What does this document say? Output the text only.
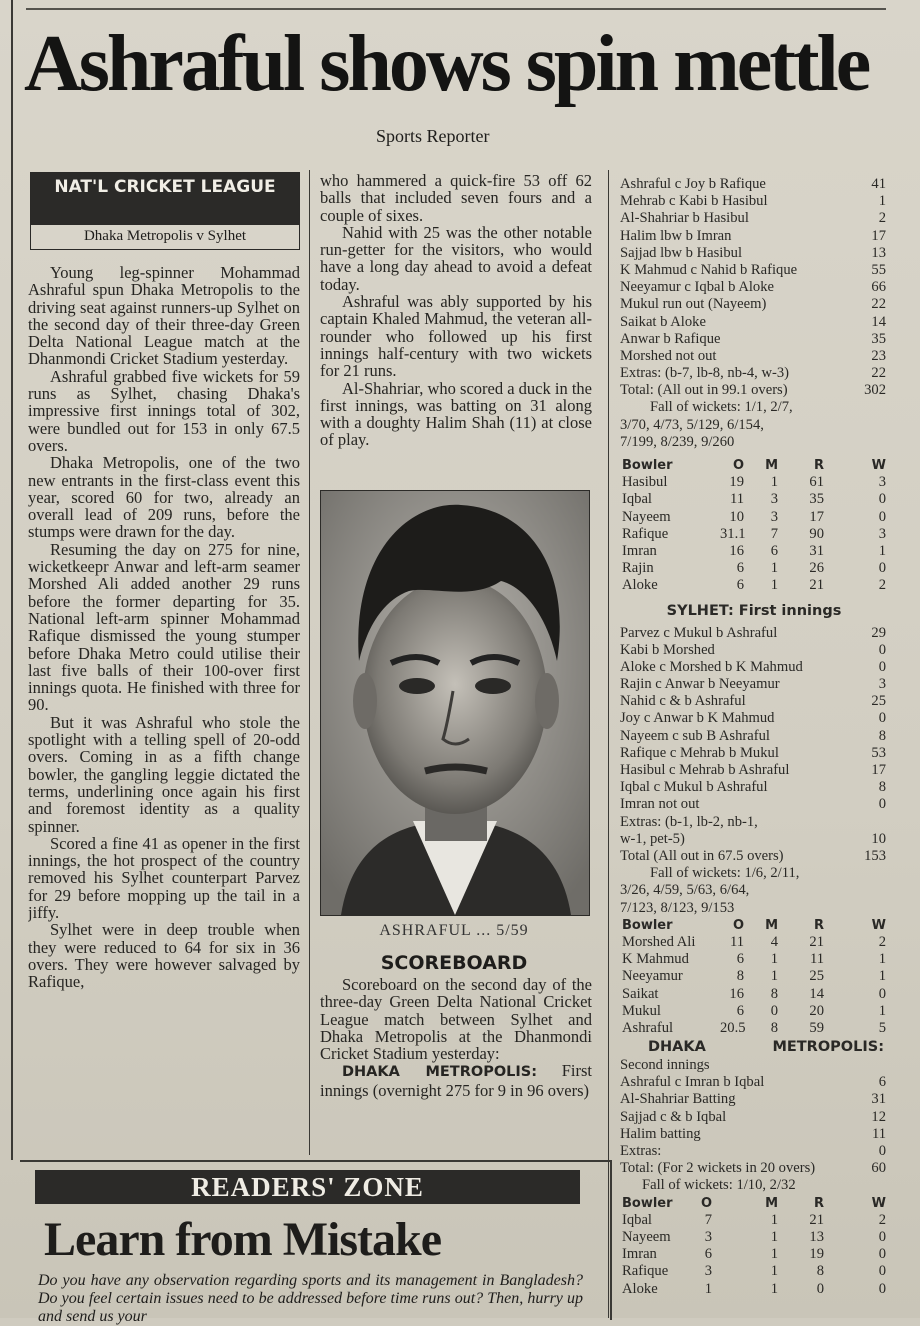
Ashraful shows spin mettle
Sports Reporter
NAT'L CRICKET LEAGUE
Dhaka Metropolis v Sylhet

Young leg-spinner Mohammad Ashraful spun Dhaka Metropolis to the driving seat against runners-up Sylhet on the second day of their three-day Green Delta National League match at the Dhanmondi Cricket Stadium yesterday.

Ashraful grabbed five wickets for 59 runs as Sylhet, chasing Dhaka's impressive first innings total of 302, were bundled out for 153 in only 67.5 overs.

Dhaka Metropolis, one of the two new entrants in the first-class event this year, scored 60 for two, already an overall lead of 209 runs, before the stumps were drawn for the day.

Resuming the day on 275 for nine, wicketkeepr Anwar and left-arm seamer Morshed Ali added another 29 runs before the former departing for 35. National left-arm spinner Mohammad Rafique dismissed the young stumper before Dhaka Metro could utilise their last five balls of their 100-over first innings quota. He finished with three for 90.

But it was Ashraful who stole the spotlight with a telling spell of 20-odd overs. Coming in as a fifth change bowler, the gangling leggie dictated the terms, underlining once again his first and foremost identity as a quality spinner.

Scored a fine 41 as opener in the first innings, the hot prospect of the country removed his Sylhet counterpart Parvez for 29 before mopping up the tail in a jiffy.

Sylhet were in deep trouble when they were reduced to 64 for six in 36 overs. They were however salvaged by Rafique,

who hammered a quick-fire 53 off 62 balls that included seven fours and a couple of sixes.

Nahid with 25 was the other notable run-getter for the visitors, who would have a long day ahead to avoid a defeat today.

Ashraful was ably supported by his captain Khaled Mahmud, the veteran all-rounder who followed up his first innings half-century with two wickets for 21 runs.

Al-Shahriar, who scored a duck in the first innings, was batting on 31 along with a doughty Halim Shah (11) at close of play.

ASHRAFUL ... 5/59
SCOREBOARD

Scoreboard on the second day of the three-day Green Delta National Cricket League match between Sylhet and Dhaka Metropolis at the Dhanmondi Cricket Stadium yesterday:

DHAKA METROPOLIS: First innings (overnight 275 for 9 in 96 overs)

Ashraful c Joy b Rafique	41
Mehrab c Kabi b Hasibul	1
Al-Shahriar b Hasibul	2
Halim lbw b Imran	17
Sajjad lbw b Hasibul	13
K Mahmud c Nahid b Rafique	55
Neeyamur c Iqbal b Aloke	66
Mukul run out (Nayeem)	22
Saikat b Aloke	14
Anwar b Rafique	35
Morshed not out	23
Extras: (b-7, lb-8, nb-4, w-3)	22
Total: (All out in 99.1 overs)	302
Fall of wickets: 1/1, 2/7,
3/70, 4/73, 5/129, 6/154,
7/199, 8/239, 9/260
Bowler	O	M	R	W
Hasibul	19	1	61	3
Iqbal	11	3	35	0
Nayeem	10	3	17	0
Rafique	31.1	7	90	3
Imran	16	6	31	1
Rajin	6	1	26	0
Aloke	6	1	21	2
SYLHET: First innings
Parvez c Mukul b Ashraful	29
Kabi b Morshed	0
Aloke c Morshed b K Mahmud	0
Rajin c Anwar b Neeyamur	3
Nahid c & b Ashraful	25
Joy c Anwar b K Mahmud	0
Nayeem c sub B Ashraful	8
Rafique c Mehrab b Mukul	53
Hasibul c Mehrab b Ashraful	17
Iqbal c Mukul b Ashraful	8
Imran not out	0
Extras: (b-1, lb-2, nb-1,
w-1, pet-5)	10
Total (All out in 67.5 overs)	153
Fall of wickets: 1/6, 2/11,
3/26, 4/59, 5/63, 6/64,
7/123, 8/123, 9/153
Bowler	O	M	R	W
Morshed Ali	11	4	21	2
K Mahmud	6	1	11	1
Neeyamur	8	1	25	1
Saikat	16	8	14	0
Mukul	6	0	20	1
Ashraful	20.5	8	59	5
DHAKA	METROPOLIS:
Second innings
Ashraful c Imran b Iqbal	6
Al-Shahriar Batting	31
Sajjad c & b Iqbal	12
Halim batting	11
Extras:	0
Total: (For 2 wickets in 20 overs)	60
Fall of wickets: 1/10, 2/32
Bowler	O	M	R	W
Iqbal	7	1	21	2
Nayeem	3	1	13	0
Imran	6	1	19	0
Rafique	3	1	8	0
Aloke	1	1	0	0
READERS' ZONE
Learn from Mistake
Do you have any observation regarding sports and its management in Bangladesh? Do you feel certain issues need to be addressed before time runs out? Then, hurry up and send us your
